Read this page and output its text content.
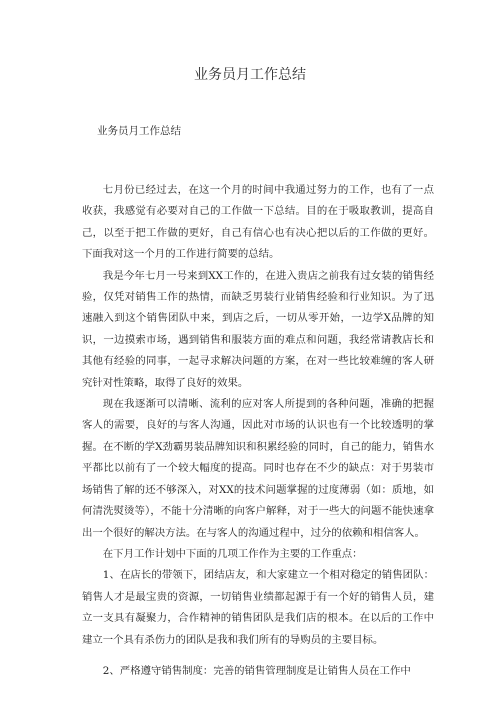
业务员月工作总结
业务员月工作总结

七月份已经过去，在这一个月的时间中我通过努力的工作，也有了一点收获，我感觉有必要对自己的工作做一下总结。目的在于吸取教训，提高自己，以至于把工作做的更好，自己有信心也有决心把以后的工作做的更好。下面我对这一个月的工作进行简要的总结。

我是今年七月一号来到XX工作的，在进入贵店之前我有过女装的销售经验，仅凭对销售工作的热情，而缺乏男装行业销售经验和行业知识。为了迅速融入到这个销售团队中来，到店之后，一切从零开始，一边学X品牌的知识，一边摸索市场，遇到销售和服装方面的难点和问题，我经常请教店长和其他有经验的同事，一起寻求解决问题的方案，在对一些比较难缠的客人研究针对性策略，取得了良好的效果。

现在我逐渐可以清晰、流利的应对客人所提到的各种问题，准确的把握客人的需要，良好的与客人沟通，因此对市场的认识也有一个比较透明的掌握。在不断的学X劲霸男装品牌知识和积累经验的同时，自己的能力，销售水平都比以前有了一个较大幅度的提高。同时也存在不少的缺点：对于男装市场销售了解的还不够深入，对XX的技术问题掌握的过度薄弱（如：质地，如何清洗熨烫等），不能十分清晰的向客户解释，对于一些大的问题不能快速拿出一个很好的解决方法。在与客人的沟通过程中，过分的依赖和相信客人。

在下月工作计划中下面的几项工作作为主要的工作重点：

1、在店长的带领下，团结店友，和大家建立一个相对稳定的销售团队：销售人才是最宝贵的资源，一切销售业绩都起源于有一个好的销售人员，建立一支具有凝聚力，合作精神的销售团队是我们店的根本。在以后的工作中建立一个具有杀伤力的团队是我和我们所有的导购员的主要目标。

2、严格遵守销售制度：完善的销售管理制度是让销售人员在工作中
